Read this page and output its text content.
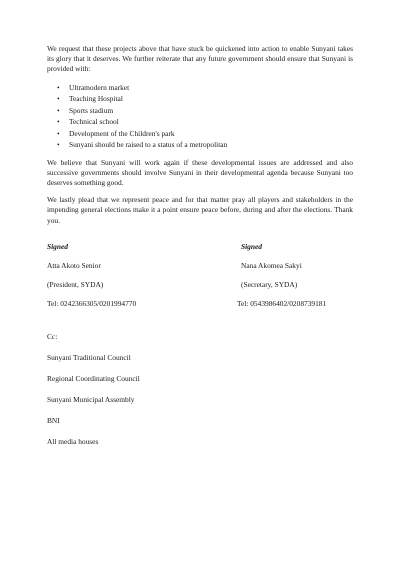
We request that these projects above that have stuck be quickened into action to enable Sunyani takes its glory that it deserves. We further reiterate that any future government should ensure that Sunyani is provided with:

• Ultramodern market
• Teaching Hospital
• Sports stadium
• Technical school
• Development of the Children's park
• Sunyani should be raised to a status of a metropolitan

We believe that Sunyani will work again if these developmental issues are addressed and also successive governments should involve Sunyani in their developmental agenda because Sunyani too deserves something good.

We lastly plead that we represent peace and for that matter pray all players and stakeholders in the impending general elections make it a point ensure peace before, during and after the elections. Thank you.

Signed	Signed
Atta Akoto Senior	Nana Akomea Sakyi
(President, SYDA)	(Secretary, SYDA)
Tel: 0242366305/0201994770	Tel: 0543986402/0208739181
Cc:
Sunyani Traditional Council
Regional Coordinating Council
Sunyani Municipal Assembly
BNI
All media houses
